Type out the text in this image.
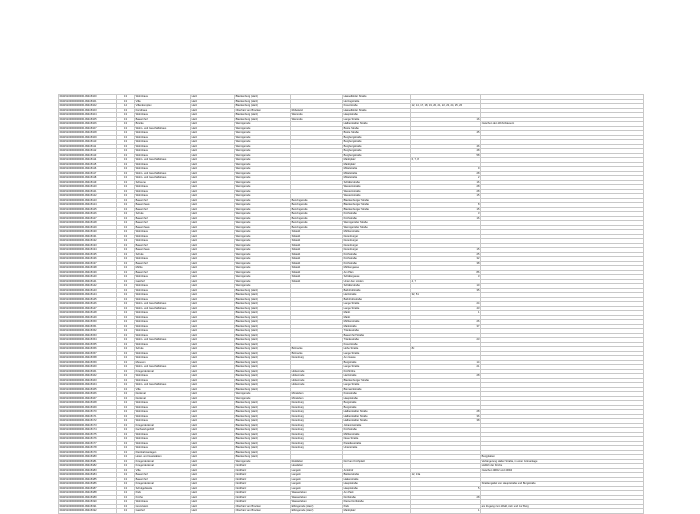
09415100000000000-09415100	13	Wohnhaus	Harz	Blankenburg (Harz)		Hasselfelder Straße		
09415100000000000-09415101	13	Villa	Harz	Blankenburg (Harz)		Herzogstraße		
09415100000000000-09415102	14	Villenkomplex	Harz	Blankenburg (Harz)		Kreuzstraße	12, 14, 17, 18, 19, 20, 21, 22, 23, 24, 25, 26	
09415100000000000-09415103	13	Forsthaus	Harz	Oberharz am Brocken	Rübeland	Hasselfelder Straße		
09415100000000000-09415104	13	Wohnhaus	Harz	Blankenburg (Harz)	Wienrode	Hauptstraße		
09415100000000000-09415105	13	Bauernhof	Harz	Blankenburg (Harz)	Wienrode	Lange Straße	16	
09415100000000000-09415106	13	Brücke	Harz	Wernigerode		Halberstädter Straße		zwischen den Wohnhäusern
09415100000000000-09415107	13	Wohn- und Geschäftshaus	Harz	Wernigerode		Breite Straße		
09415100000000000-09415108	13	Wohnhaus	Harz	Wernigerode		Breite Straße	45	
09415100000000000-09415109	13	Wohnhaus	Harz	Wernigerode		Burgbergstraße		
09415100000000000-09415110	13	Wohnhaus	Harz	Wernigerode		Burgbergstraße		
09415100000000000-09415111	13	Wohnhaus	Harz	Wernigerode		Burgbergstraße	46	
09415100000000000-09415112	13	Wohnhaus	Harz	Wernigerode		Burgbergstraße	48	
09415100000000000-09415113	13	Wohnhaus	Harz	Wernigerode		Burgbergstraße	58	
09415100000000000-09415114	13	Wohn- und Geschäftshaus	Harz	Wernigerode		Marktplatz	6, 7, 8	
09415100000000000-09415115	13	Wohnhaus	Harz	Wernigerode		Marktplatz		
09415100000000000-09415116	13	Wohnhaus	Harz	Wernigerode		Mittelstraße	9	
09415100000000000-09415117	13	Wohn- und Geschäftshaus	Harz	Wernigerode		Mittelstraße	28	
09415100000000000-09415118	13	Wohn- und Geschäftshaus	Harz	Wernigerode		Mittelstraße	2	
09415100000000000-09415119	13	Scheune	Harz	Wernigerode		Schäferstraße	16	
09415100000000000-09415120	13	Wohnhaus	Harz	Wernigerode		Westernstraße	28	
09415100000000000-09415121	13	Wohnhaus	Harz	Wernigerode		Westernstraße	28	
09415100000000000-09415122	13	Wohnhaus	Harz	Wernigerode		Westernstraße	15	
09415100000000000-09415123	13	Bauernhof	Harz	Wernigerode	Benzingerode	Blankenburger Straße		
09415100000000000-09415124	13	Bauernhaus	Harz	Wernigerode	Benzingerode	Blankenburger Straße	8	
09415100000000000-09415125	13	Bauernhof	Harz	Wernigerode	Benzingerode	Blankenburger Straße	15	
09415100000000000-09415126	13	Schule	Harz	Wernigerode	Benzingerode	Kirchstraße	3	
09415100000000000-09415127	13	Bauernhof	Harz	Wernigerode	Benzingerode	Kirchstraße	16	
09415100000000000-09415128	13	Bauernhof	Harz	Wernigerode	Benzingerode	Wernigeröder Straße		
09415100000000000-09415129	13	Bauernhaus	Harz	Wernigerode	Benzingerode	Wernigeröder Straße		
09415100000000000-09415130	13	Wohnhaus	Harz	Wernigerode	Silstedt	Mühlenstraße		
09415100000000000-09415131	13	Wohnhaus	Harz	Wernigerode	Silstedt	Derenburger		
09415100000000000-09415132	13	Wohnhaus	Harz	Wernigerode	Silstedt	Derenburger		
09415100000000000-09415133	13	Bauernhof	Harz	Wernigerode	Silstedt	Derenburger		
09415100000000000-09415134	13	Bauernhaus	Harz	Wernigerode	Silstedt	Derenburger	15	
09415100000000000-09415135	13	Schule	Harz	Wernigerode	Silstedt	Kirchstraße	25	
09415100000000000-09415136	13	Wohnhaus	Harz	Wernigerode	Silstedt	Kirchstraße	32	
09415100000000000-09415137	13	Bauernhof	Harz	Wernigerode	Silstedt	Kirchstraße	38	
09415100000000000-09415138	13	Mühle	Harz	Wernigerode	Silstedt	Mühlengasse		
09415100000000000-09415139	13	Bauernhof	Harz	Wernigerode	Silstedt	Am Plan	86	
09415100000000000-09415140	13	Wohnhaus	Harz	Wernigerode	Silstedt	Schäfergasse	3	
09415100000000000-09415141	13	Gasthof	Harz	Wernigerode	Silstedt	Unter den Linden	4, 7	
09415100000000000-09415142	13	Wohnhaus	Harz	Wernigerode		Schäferstraße	10	
09415100000000000-09415143	13	Wohnhaus	Harz	Blankenburg (Harz)		Bahnhofstraße	35	
09415100000000000-09415144	13	Wohnhaus	Harz	Blankenburg (Harz)		Harzstraße	32, 51	
09415100000000000-09415145	13	Wohnhaus	Harz	Blankenburg (Harz)		Bahnhofsstraße		
09415100000000000-09415146	13	Wohn- und Geschäftshaus	Harz	Blankenburg (Harz)		Lange Straße	24	
09415100000000000-09415147	13	Wohn- und Geschäftshaus	Harz	Blankenburg (Harz)		Lange Straße	43	
09415100000000000-09415148	13	Wohnhaus	Harz	Blankenburg (Harz)		Markt	1	
09415100000000000-09415149	13	Wohnhaus	Harz	Blankenburg (Harz)		Markt		
09415100000000000-09415150	13	Wohnhaus	Harz	Blankenburg (Harz)		Mühlenstraße	26	
09415100000000000-09415151	13	Wohnhaus	Harz	Blankenburg (Harz)		Markstraße	37	
09415100000000000-09415152	13	Wohnhaus	Harz	Blankenburg (Harz)		Tränkestraße		
09415100000000000-09415153	13	Wohnhaus	Harz	Blankenburg (Harz)		Bauernhof Straße		
09415100000000000-09415154	13	Wohn- und Geschäftshaus	Harz	Blankenburg (Harz)		Tränkestraße	23	
09415100000000000-09415155	13	Wohnhaus	Harz	Blankenburg (Harz)		Kreuzstraße		
09415100000000000-09415156	13	Schule	Harz	Blankenburg (Harz)	Börnecke	Hohe Straße	8c	
09415100000000000-09415157	13	Wohnhaus	Harz	Blankenburg (Harz)	Börnecke	Lange Straße		
09415100000000000-09415158	13	Wohnhaus	Harz	Blankenburg (Harz)	Derenburg	Am Gasse		
09415100000000000-09415159	13	Museum	Harz	Blankenburg (Harz)		Burgstraße	14	
09415100000000000-09415160	13	Wohn- und Geschäftshaus	Harz	Blankenburg (Harz)		Lange Straße	21	
09415100000000000-09415161	13	Kriegerdenkmal	Harz	Blankenburg (Harz)	Hüttenrode	Kirchhöhe		
09415100000000000-09415162	13	Wohnhaus	Harz	Blankenburg (Harz)	Hüttenrode	Harzstraße	28	
09415100000000000-09415163	13	Wohnhaus	Harz	Blankenburg (Harz)	Hüttenrode	Blankenburger Straße		
09415100000000000-09415164	13	Wohn- und Geschäftshaus	Harz	Blankenburg (Harz)	Hüttenrode	Lange Straße		
09415100000000000-09415165	13	Villa	Harz	Blankenburg (Harz)		Bismarckstraße		
09415100000000000-09415166	13	Denkmal	Harz	Wernigerode	Minsleben	Kreisstraße		
09415100000000000-09415167	13	Denkmal	Harz	Wernigerode	Minsleben	Hauptstraße		
09415100000000000-09415168	13	Wohnhaus	Harz	Blankenburg (Harz)	Derenburg	Burgstraße		
09415100000000000-09415169	13	Wohnhaus	Harz	Blankenburg (Harz)	Derenburg	Burgstraße		
09415100000000000-09415170	13	Wohnhaus	Harz	Blankenburg (Harz)	Derenburg	Halberstädter Straße	28	
09415100000000000-09415171	13	Wohnhaus	Harz	Blankenburg (Harz)	Derenburg	Halberstädter Straße	36	
09415100000000000-09415172	13	Wohnhaus	Harz	Blankenburg (Harz)	Derenburg	Halberstädter Straße	38	
09415100000000000-09415173	13	Kriegerdenkmal	Harz	Blankenburg (Harz)	Derenburg	Johannisstraße		
09415100000000000-09415174	13	Fachwerkgehöft	Harz	Blankenburg (Harz)	Derenburg	Kirchstraße		
09415100000000000-09415175	13	Wohnhaus	Harz	Blankenburg (Harz)	Derenburg	Mühlenstraße		
09415100000000000-09415176	13	Wohnhaus	Harz	Blankenburg (Harz)	Derenburg	Neue Straße		
09415100000000000-09415177	13	Wohnhaus	Harz	Blankenburg (Harz)	Derenburg	Paradiesstraße		
09415100000000000-09415178	13	Wohnhaus	Harz	Blankenburg (Harz)	Derenburg	Unterstraße		
09415100000000000-09415179	13	Kleinbahnanlagen	Harz	Blankenburg (Harz)				
09415100000000000-09415180	13	Hotel- und Gaststätten	Harz	Blankenburg (Harz)				Burgplatten
09415100000000000-09415181	13	Kriegerdenkmal	Harz	Wernigerode	Reddeber	Dorf am Kirchplatz		Verlängerung Halter Straße, in einer Grünanlage
09415100000000000-09415182	13	Kriegerdenkmal	Harz	Nordharz	Heudeber			südlich der Kirche
09415100000000000-09415183	13	Villa	Harz	Nordharz	Langeln	Amtshof		zwischen 4RD2 und 4RD4
09415100000000000-09415184	13	Bauernhof	Harz	Nordharz	Langeln	Bäckerstraße	12, 13a	
09415100000000000-09415185	13	Bauernhof	Harz	Nordharz	Langeln	Hakenstraße		
09415100000000000-09415186	13	Kriegerdenkmal	Harz	Nordharz	Langeln	Hauptstraße		Straßengabel von Hauptstraße und Burgstraße
09415100000000000-09415187	13	Schulgebäude	Harz	Nordharz	Langeln	Hauptstraße	5	
09415100000000000-09415188	13	Park	Harz	Nordharz	Wasserleben	Am Park		
09415100000000000-09415189	13	Kirche	Harz	Nordharz	Wasserleben	Dorfstraße	28	
09415100000000000-09415190	13	Wohnhaus	Harz	Nordharz	Wasserleben	Kleine Dorfstraße		
09415100000000000-09415191	13	Grenzstein	Harz	Oberharz am Brocken	Elbingerode (Harz)	Park		am Zugang zum Wald, östl. und zur Burg
09415100000000000-09415192	13	Gasthof	Harz	Oberharz am Brocken	Elbingerode (Harz)	Marktplatz	1	
